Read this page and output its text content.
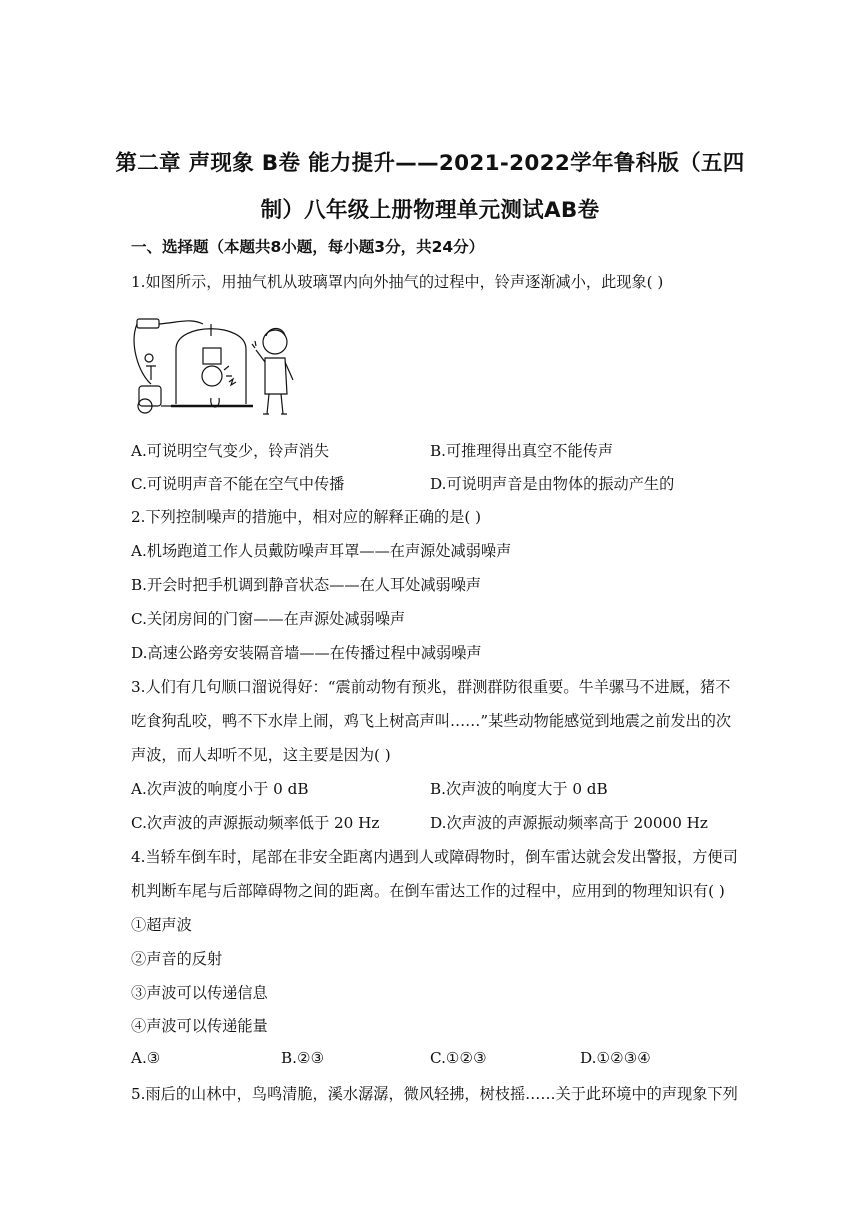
第二章 声现象 B卷 能力提升——2021-2022学年鲁科版（五四
制）八年级上册物理单元测试AB卷
一、选择题（本题共8小题，每小题3分，共24分）
1.如图所示，用抽气机从玻璃罩内向外抽气的过程中，铃声逐渐减小，此现象( )
A.可说明空气变少，铃声消失	B.可推理得出真空不能传声
C.可说明声音不能在空气中传播	D.可说明声音是由物体的振动产生的
2.下列控制噪声的措施中，相对应的解释正确的是( )
A.机场跑道工作人员戴防噪声耳罩——在声源处减弱噪声
B.开会时把手机调到静音状态——在人耳处减弱噪声
C.关闭房间的门窗——在声源处减弱噪声
D.高速公路旁安装隔音墙——在传播过程中减弱噪声
3.人们有几句顺口溜说得好：“震前动物有预兆，群测群防很重要。牛羊骡马不进厩，猪不
吃食狗乱咬，鸭不下水岸上闹，鸡飞上树高声叫……”某些动物能感觉到地震之前发出的次
声波，而人却听不见，这主要是因为( )
A.次声波的响度小于 0 dB	B.次声波的响度大于 0 dB
C.次声波的声源振动频率低于 20 Hz	D.次声波的声源振动频率高于 20000 Hz
4.当轿车倒车时，尾部在非安全距离内遇到人或障碍物时，倒车雷达就会发出警报，方便司
机判断车尾与后部障碍物之间的距离。在倒车雷达工作的过程中，应用到的物理知识有( )
①超声波
②声音的反射
③声波可以传递信息
④声波可以传递能量
A.③	B.②③	C.①②③	D.①②③④
5.雨后的山林中，鸟鸣清脆，溪水潺潺，微风轻拂，树枝摇……关于此环境中的声现象下列
